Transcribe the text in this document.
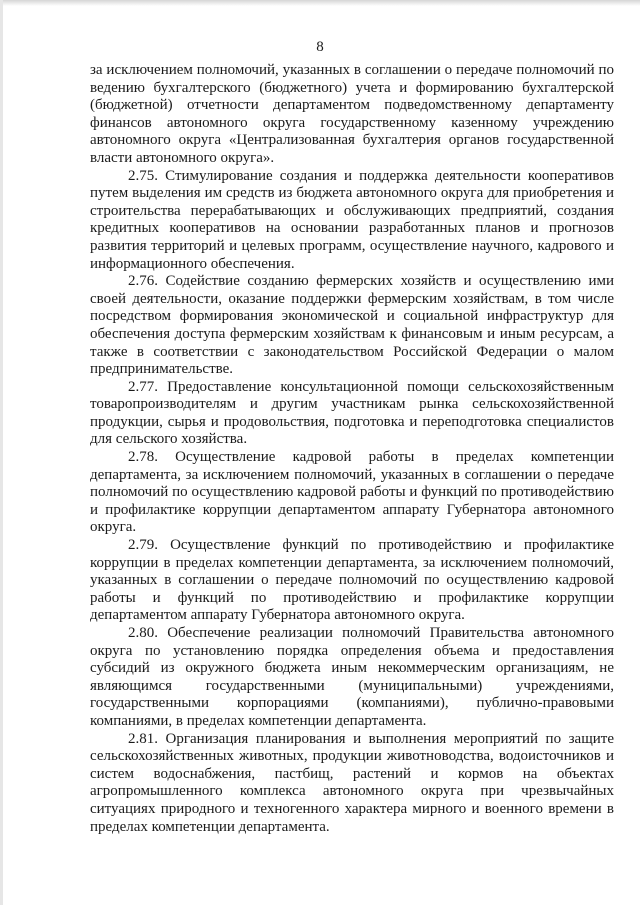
8

за исключением полномочий, указанных в соглашении о передаче полномочий по ведению бухгалтерского (бюджетного) учета и формированию бухгалтерской (бюджетной) отчетности департаментом подведомственному департаменту финансов автономного округа государственному казенному учреждению автономного округа «Централизованная бухгалтерия органов государственной власти автономного округа».

2.75. Стимулирование создания и поддержка деятельности кооперативов путем выделения им средств из бюджета автономного округа для приобретения и строительства перерабатывающих и обслуживающих предприятий, создания кредитных кооперативов на основании разработанных планов и прогнозов развития территорий и целевых программ, осуществление научного, кадрового и информационного обеспечения.

2.76. Содействие созданию фермерских хозяйств и осуществлению ими своей деятельности, оказание поддержки фермерским хозяйствам, в том числе посредством формирования экономической и социальной инфраструктур для обеспечения доступа фермерским хозяйствам к финансовым и иным ресурсам, а также в соответствии с законодательством Российской Федерации о малом предпринимательстве.

2.77. Предоставление консультационной помощи сельскохозяйственным товаропроизводителям и другим участникам рынка сельскохозяйственной продукции, сырья и продовольствия, подготовка и переподготовка специалистов для сельского хозяйства.

2.78. Осуществление кадровой работы в пределах компетенции департамента, за исключением полномочий, указанных в соглашении о передаче полномочий по осуществлению кадровой работы и функций по противодействию и профилактике коррупции департаментом аппарату Губернатора автономного округа.

2.79. Осуществление функций по противодействию и профилактике коррупции в пределах компетенции департамента, за исключением полномочий, указанных в соглашении о передаче полномочий по осуществлению кадровой работы и функций по противодействию и профилактике коррупции департаментом аппарату Губернатора автономного округа.

2.80. Обеспечение реализации полномочий Правительства автономного округа по установлению порядка определения объема и предоставления субсидий из окружного бюджета иным некоммерческим организациям, не являющимся государственными (муниципальными) учреждениями, государственными корпорациями (компаниями), публично-правовыми компаниями, в пределах компетенции департамента.

2.81. Организация планирования и выполнения мероприятий по защите сельскохозяйственных животных, продукции животноводства, водоисточников и систем водоснабжения, пастбищ, растений и кормов на объектах агропромышленного комплекса автономного округа при чрезвычайных ситуациях природного и техногенного характера мирного и военного времени в пределах компетенции департамента.
